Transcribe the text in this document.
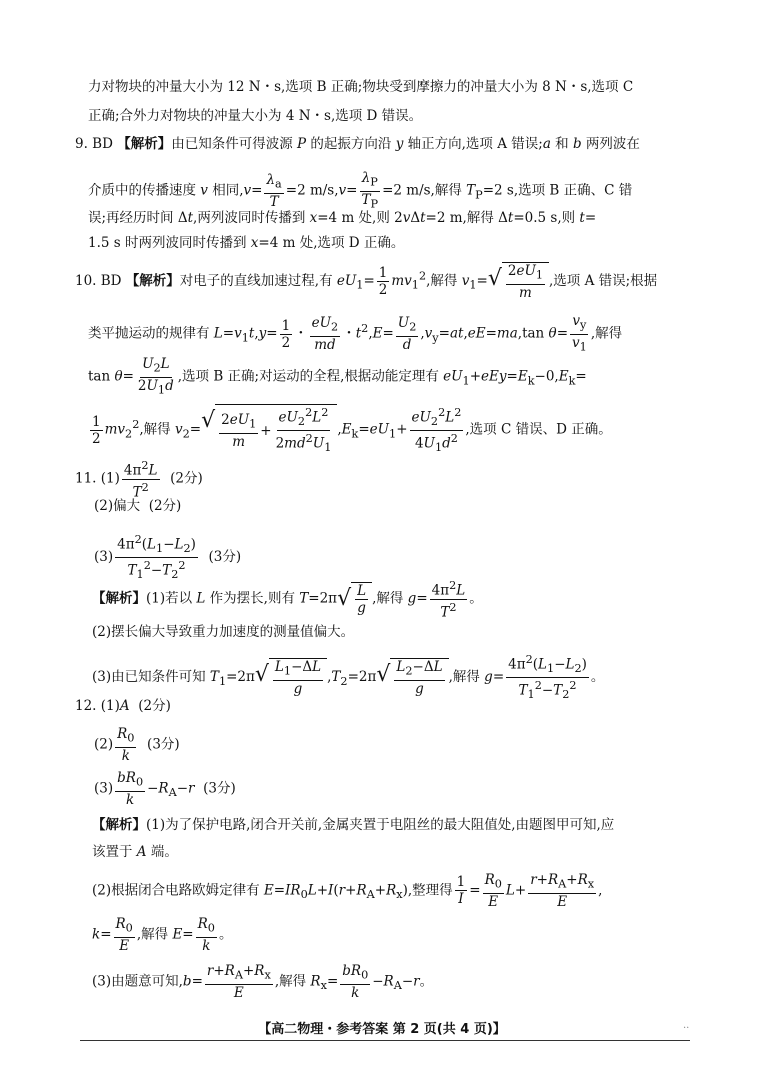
力对物块的冲量大小为 12 N・s,选项 B 正确;物块受到摩擦力的冲量大小为 8 N・s,选项 C
正确;合外力对物块的冲量大小为 4 N・s,选项 D 错误。
9. BD 【解析】由已知条件可得波源 P 的起振方向沿 y 轴正方向,选项 A 错误;a 和 b 两列波在
介质中的传播速度 v 相同$,v= \frac{\lambda_a}{T} =2$ $m/s,v= \frac{\lambda_P}{T_P} =2$ m/s,解得 $T_P=2$ s,选项 B 正确、C 错
误;再经历时间 Δt,两列波同时传播到 x=4 m 处,则 2vΔt=2 m,解得 Δt=0.5 s,则 t=
1.5 s 时两列波同时传播到 x=4 m 处,选项 D 正确。
10. BD 【解析】对电子的直线加速过程,有 $eU_1= \frac{1}{2} mv_1^2$,解得 $v_1=$ √ $\frac{2eU_1}{m}$ ,选项 A 错误;根据
类平抛运动的规律有 $L=v_1t,y= \frac{1}{2}$ ・ $\frac{eU_2}{md}$ ・$t^2,E= \frac{U_2}{d} ,v_y=at,eE=ma,\tan$ $\theta= \frac{v_y}{v_1}$ ,解得
$\tan \theta= \frac{U_2L}{2U_1d}$ ,选项 B 正确;对运动的全程,根据动能定理有 $eU_1+eEy=E_k-0,E_k=$
$\frac{1}{2} mv_2^2$,解得 $v_2=$ √ $\frac{2eU_1}{m} + \frac{eU_2^2L^2}{2md^2U_1} ,E_k=eU_1+ \frac{eU_2^2L^2}{4U_1d^2}$ ,选项 C 错误、D 正确。
11. $(1) \frac{4\pi^2L}{T^2} (2$分)
(2)偏大  (2分)
$(3) \frac{4\pi^2(L_1-L_2)}{T_1^2-T_2^2} (3$分)
【解析】(1)若以 L 作为摆长,则有 T=2π √ $\frac{L}{g}$ ,解得 $g= \frac{4\pi^2L}{T^2}$ 。
(2)摆长偏大导致重力加速度的测量值偏大。
(3)由已知条件可知 $T_1=2\pi$ √ $\frac{L_1-\Delta L}{g} ,T_2=2\pi$ √ $\frac{L_2-\Delta L}{g}$ ,解得 $g= \frac{4\pi^2(L_1-L_2)}{T_1^2-T_2^2}$ 。
12. (1)A  (2分)
$(2) \frac{R_0}{k} (3$分)
$(3) \frac{bR_0}{k} -R_A-r$  (3分)
【解析】(1)为了保护电路,闭合开关前,金属夹置于电阻丝的最大阻值处,由题图甲可知,应
该置于 A 端。
(2)根据闭合电路欧姆定律有 $E=IR_0L+I(r+R_A+R_x)$,整理得 $\frac{1}{I} = \frac{R_0}{E} L+ \frac{r+R_A+R_x}{E}$ ,
$k= \frac{R_0}{E}$ ,解得 $E= \frac{R_0}{k}$ 。
(3)由题意可知$,b= \frac{r+R_A+R_x}{E}$ ,解得 $R_x= \frac{bR_0}{k} -R_A-r$。
【高二物理・参考答案 第 2 页(共 4 页)】	..
